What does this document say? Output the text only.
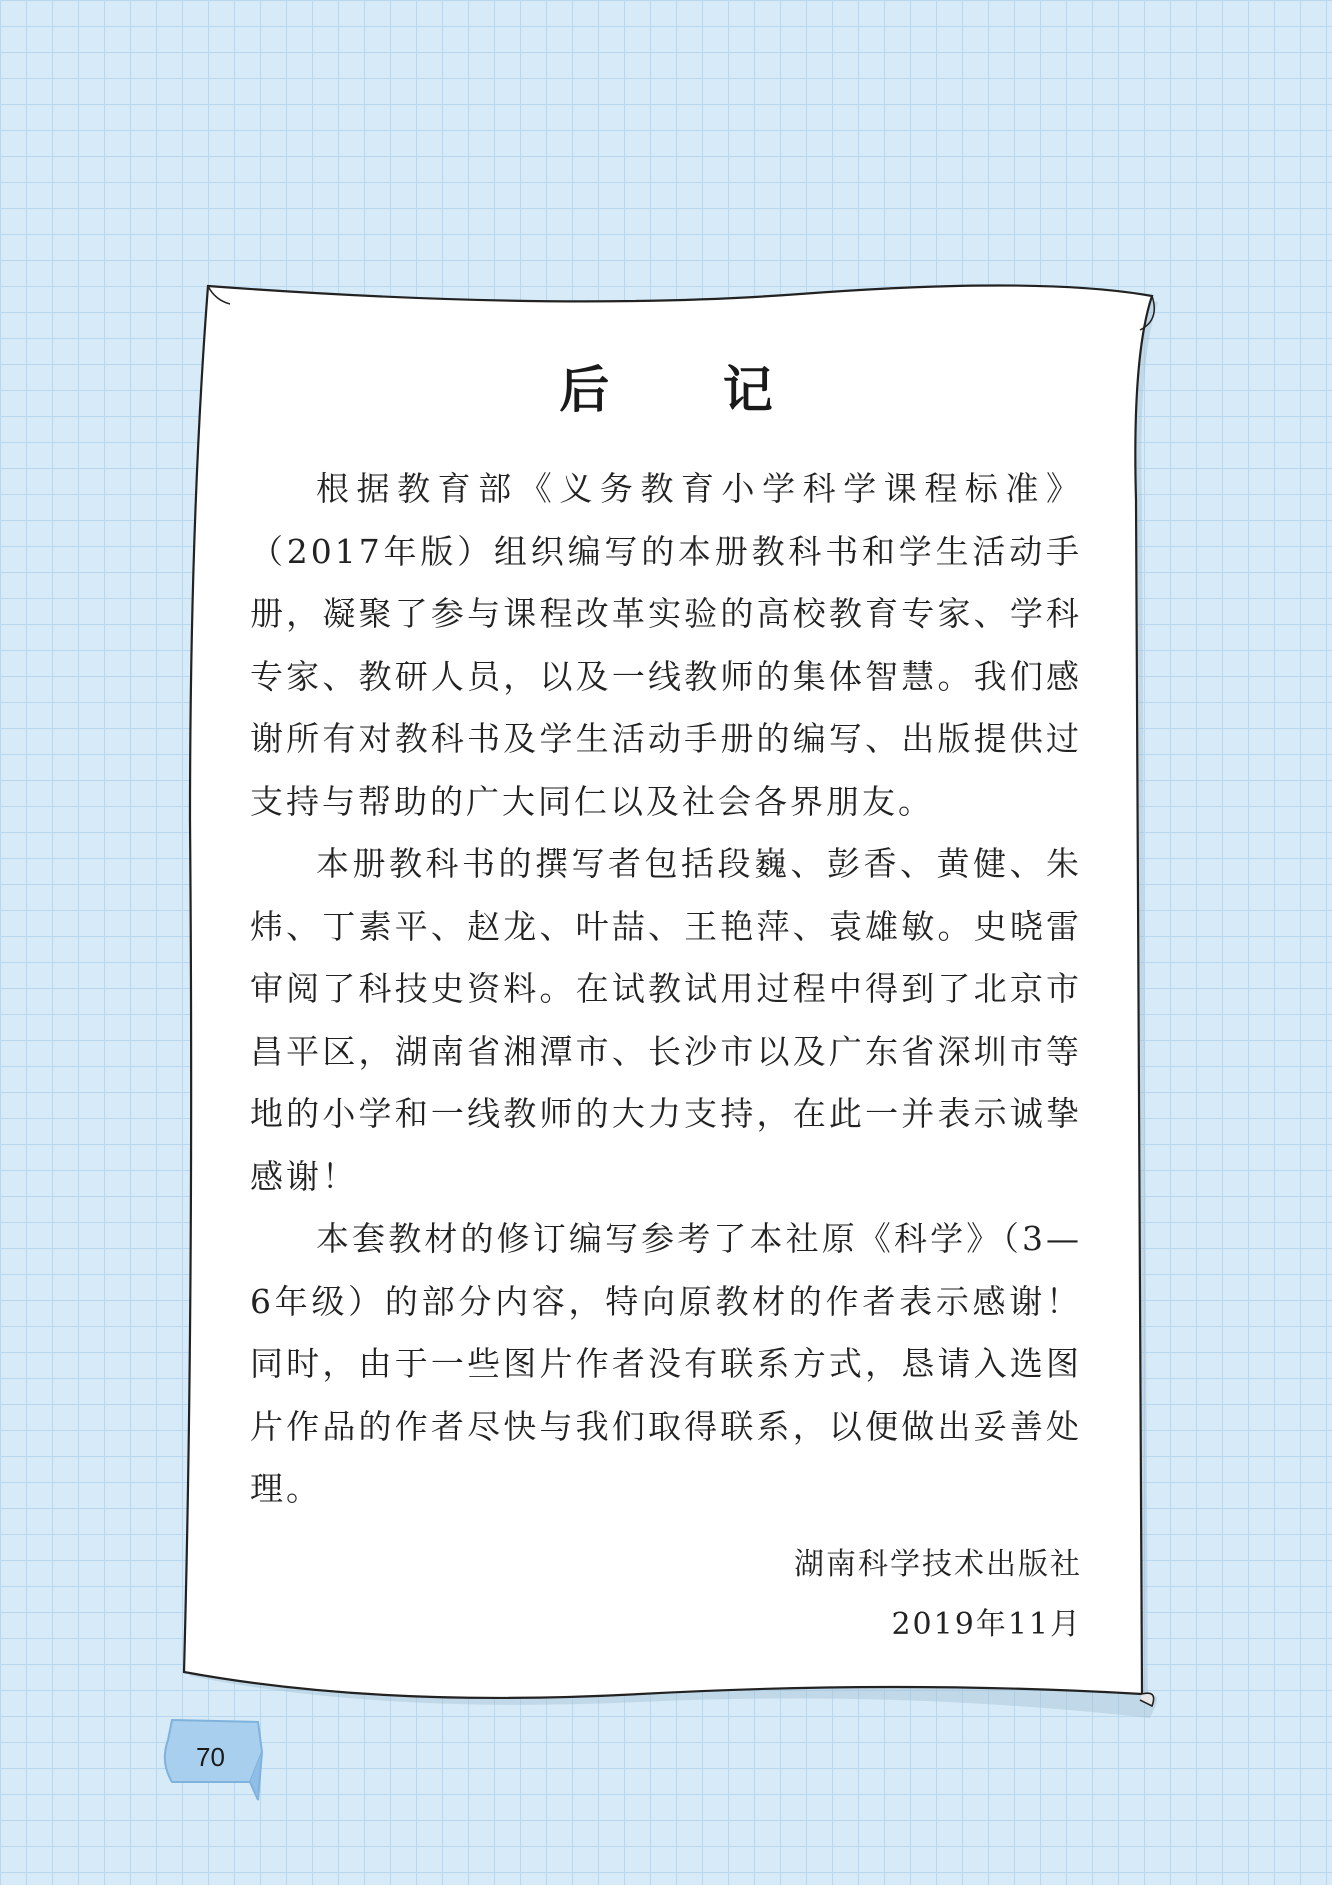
70
后 记

根据教育部《义务教育小学科学课程标准》（2017年版）组织编写的本册教科书和学生活动手册，凝聚了参与课程改革实验的高校教育专家、学科专家、教研人员，以及一线教师的集体智慧。我们感谢所有对教科书及学生活动手册的编写、出版提供过支持与帮助的广大同仁以及社会各界朋友。

本册教科书的撰写者包括段巍、彭香、黄健、朱炜、丁素平、赵龙、叶喆、王艳萍、袁雄敏。史晓雷审阅了科技史资料。在试教试用过程中得到了北京市昌平区，湖南省湘潭市、长沙市以及广东省深圳市等地的小学和一线教师的大力支持，在此一并表示诚挚感谢！

本套教材的修订编写参考了本社原《科学》（3—6年级）的部分内容，特向原教材的作者表示感谢！同时，由于一些图片作者没有联系方式，恳请入选图片作品的作者尽快与我们取得联系，以便做出妥善处理。

湖南科学技术出版社

2019年11月
